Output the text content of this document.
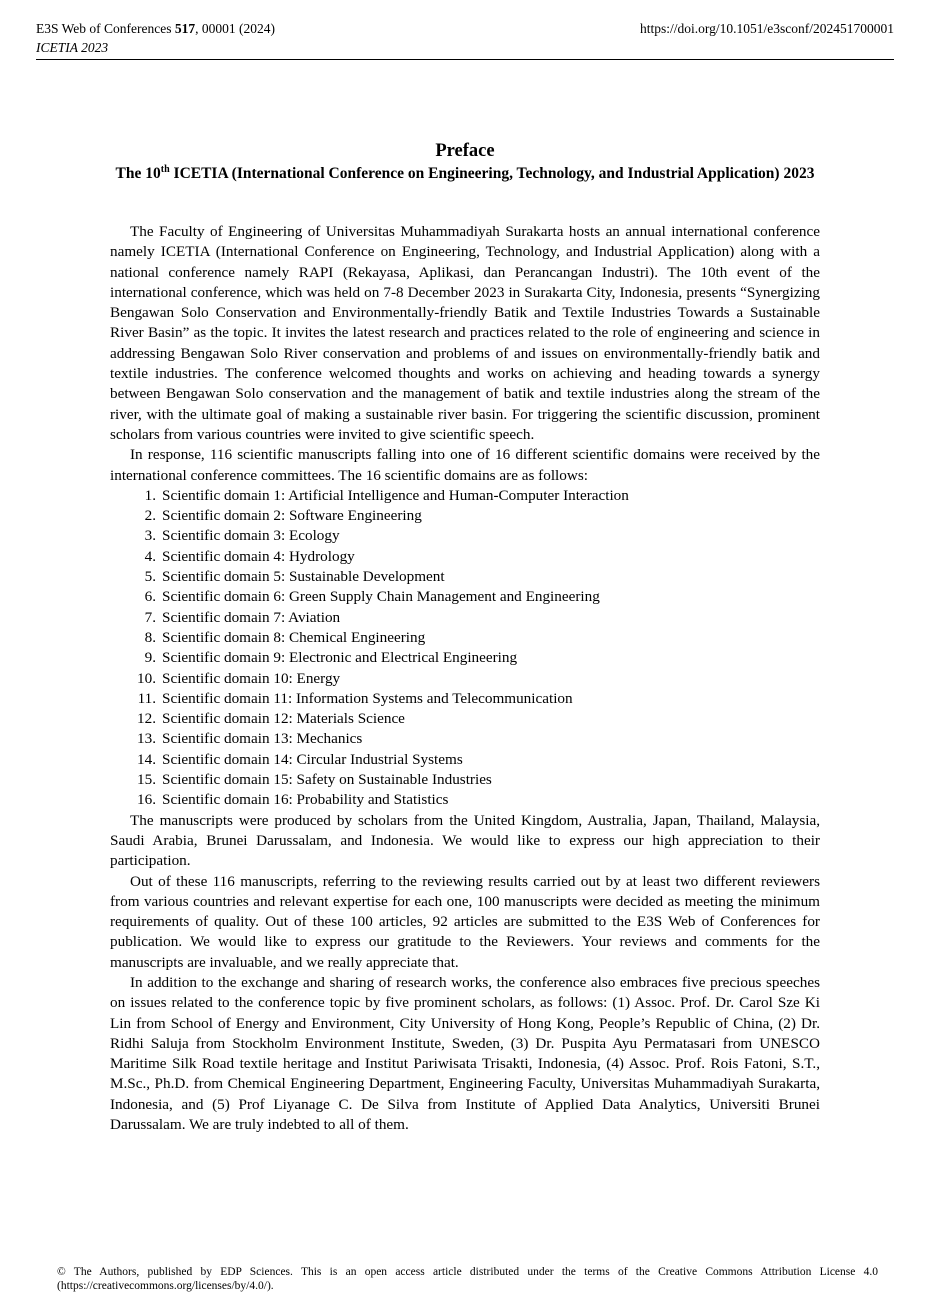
E3S Web of Conferences 517, 00001 (2024)
ICETIA 2023
https://doi.org/10.1051/e3sconf/202451700001
Preface
The 10th ICETIA (International Conference on Engineering, Technology, and Industrial Application) 2023

The Faculty of Engineering of Universitas Muhammadiyah Surakarta hosts an annual international conference namely ICETIA (International Conference on Engineering, Technology, and Industrial Application) along with a national conference namely RAPI (Rekayasa, Aplikasi, dan Perancangan Industri). The 10th event of the international conference, which was held on 7-8 December 2023 in Surakarta City, Indonesia, presents “Synergizing Bengawan Solo Conservation and Environmentally-friendly Batik and Textile Industries Towards a Sustainable River Basin” as the topic. It invites the latest research and practices related to the role of engineering and science in addressing Bengawan Solo River conservation and problems of and issues on environmentally-friendly batik and textile industries. The conference welcomed thoughts and works on achieving and heading towards a synergy between Bengawan Solo conservation and the management of batik and textile industries along the stream of the river, with the ultimate goal of making a sustainable river basin. For triggering the scientific discussion, prominent scholars from various countries were invited to give scientific speech.

In response, 116 scientific manuscripts falling into one of 16 different scientific domains were received by the international conference committees. The 16 scientific domains are as follows:

1. Scientific domain 1: Artificial Intelligence and Human-Computer Interaction
2. Scientific domain 2: Software Engineering
3. Scientific domain 3: Ecology
4. Scientific domain 4: Hydrology
5. Scientific domain 5: Sustainable Development
6. Scientific domain 6: Green Supply Chain Management and Engineering
7. Scientific domain 7: Aviation
8. Scientific domain 8: Chemical Engineering
9. Scientific domain 9: Electronic and Electrical Engineering
10. Scientific domain 10: Energy
11. Scientific domain 11: Information Systems and Telecommunication
12. Scientific domain 12: Materials Science
13. Scientific domain 13: Mechanics
14. Scientific domain 14: Circular Industrial Systems
15. Scientific domain 15: Safety on Sustainable Industries
16. Scientific domain 16: Probability and Statistics

The manuscripts were produced by scholars from the United Kingdom, Australia, Japan, Thailand, Malaysia, Saudi Arabia, Brunei Darussalam, and Indonesia. We would like to express our high appreciation to their participation.

Out of these 116 manuscripts, referring to the reviewing results carried out by at least two different reviewers from various countries and relevant expertise for each one, 100 manuscripts were decided as meeting the minimum requirements of quality. Out of these 100 articles, 92 articles are submitted to the E3S Web of Conferences for publication. We would like to express our gratitude to the Reviewers. Your reviews and comments for the manuscripts are invaluable, and we really appreciate that.

In addition to the exchange and sharing of research works, the conference also embraces five precious speeches on issues related to the conference topic by five prominent scholars, as follows: (1) Assoc. Prof. Dr. Carol Sze Ki Lin from School of Energy and Environment, City University of Hong Kong, People’s Republic of China, (2) Dr. Ridhi Saluja from Stockholm Environment Institute, Sweden, (3) Dr. Puspita Ayu Permatasari from UNESCO Maritime Silk Road textile heritage and Institut Pariwisata Trisakti, Indonesia, (4) Assoc. Prof. Rois Fatoni, S.T., M.Sc., Ph.D. from Chemical Engineering Department, Engineering Faculty, Universitas Muhammadiyah Surakarta, Indonesia, and (5) Prof Liyanage C. De Silva from Institute of Applied Data Analytics, Universiti Brunei Darussalam. We are truly indebted to all of them.

© The Authors, published by EDP Sciences. This is an open access article distributed under the terms of the Creative Commons Attribution License 4.0 (https://creativecommons.org/licenses/by/4.0/).
